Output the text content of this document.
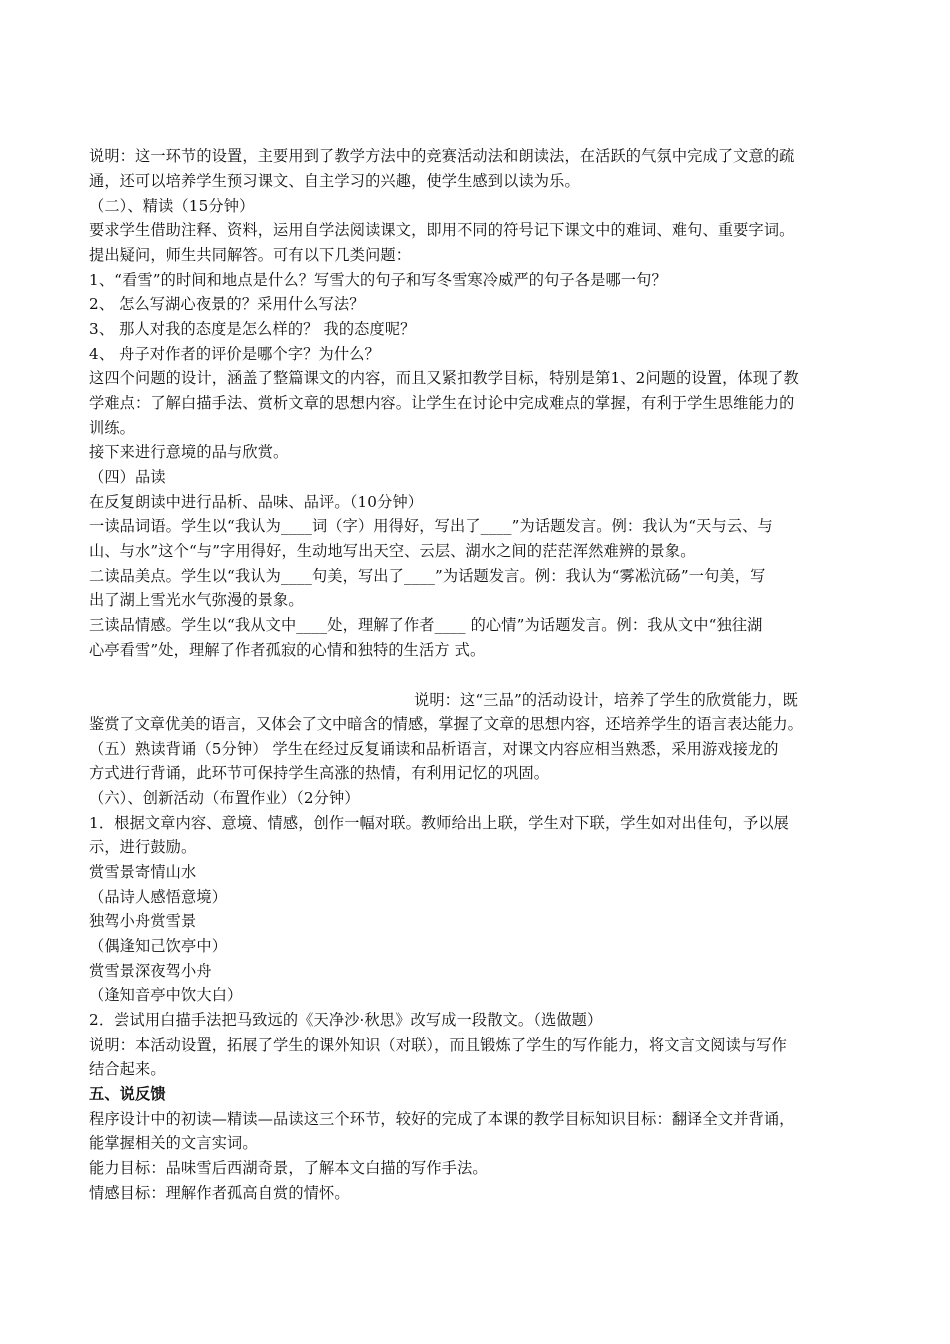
说明：这一环节的设置，主要用到了教学方法中的竞赛活动法和朗读法，在活跃的气氛中完成了文意的疏
通，还可以培养学生预习课文、自主学习的兴趣，使学生感到以读为乐。
（二）、精读（15分钟）
要求学生借助注释、资料，运用自学法阅读课文，即用不同的符号记下课文中的难词、难句、重要字词。
提出疑问，师生共同解答。可有以下几类问题：
1、“看雪”的时间和地点是什么？写雪大的句子和写冬雪寒冷威严的句子各是哪一句？
2、 怎么写湖心夜景的？采用什么写法？
3、 那人对我的态度是怎么样的？ 我的态度呢？
4、 舟子对作者的评价是哪个字？为什么？
这四个问题的设计，涵盖了整篇课文的内容，而且又紧扣教学目标，特别是第1、2问题的设置，体现了教
学难点：了解白描手法、赏析文章的思想内容。让学生在讨论中完成难点的掌握，有利于学生思维能力的
训练。
接下来进行意境的品与欣赏。
（四）品读
在反复朗读中进行品析、品味、品评。（10分钟）
一读品词语。学生以“我认为____词（字）用得好，写出了____”为话题发言。例：我认为“天与云、与
山、与水”这个“与”字用得好，生动地写出天空、云层、湖水之间的茫茫浑然难辨的景象。
二读品美点。学生以“我认为____句美，写出了____”为话题发言。例：我认为“雾凇沆砀”一句美，写
出了湖上雪光水气弥漫的景象。
三读品情感。学生以“我从文中____处，理解了作者____ 的心情”为话题发言。例：我从文中“独往湖
心亭看雪”处，理解了作者孤寂的心情和独特的生活方 式。
说明：这“三品”的活动设计，培养了学生的欣赏能力，既
鉴赏了文章优美的语言，又体会了文中暗含的情感，掌握了文章的思想内容，还培养学生的语言表达能力。
（五）熟读背诵（5分钟） 学生在经过反复诵读和品析语言，对课文内容应相当熟悉，采用游戏接龙的
方式进行背诵，此环节可保持学生高涨的热情，有利用记忆的巩固。
（六）、创新活动（布置作业）（2分钟）
1．根据文章内容、意境、情感，创作一幅对联。教师给出上联，学生对下联，学生如对出佳句，予以展
示，进行鼓励。
赏雪景寄情山水
（品诗人感悟意境）
独驾小舟赏雪景
（偶逢知己饮亭中）
赏雪景深夜驾小舟
（逢知音亭中饮大白）
2．尝试用白描手法把马致远的《天净沙·秋思》改写成一段散文。（选做题）
说明：本活动设置，拓展了学生的课外知识（对联），而且锻炼了学生的写作能力，将文言文阅读与写作
结合起来。
五、说反馈
程序设计中的初读—精读—品读这三个环节，较好的完成了本课的教学目标知识目标：翻译全文并背诵，
能掌握相关的文言实词。
能力目标：品味雪后西湖奇景，了解本文白描的写作手法。
情感目标：理解作者孤高自赏的情怀。
